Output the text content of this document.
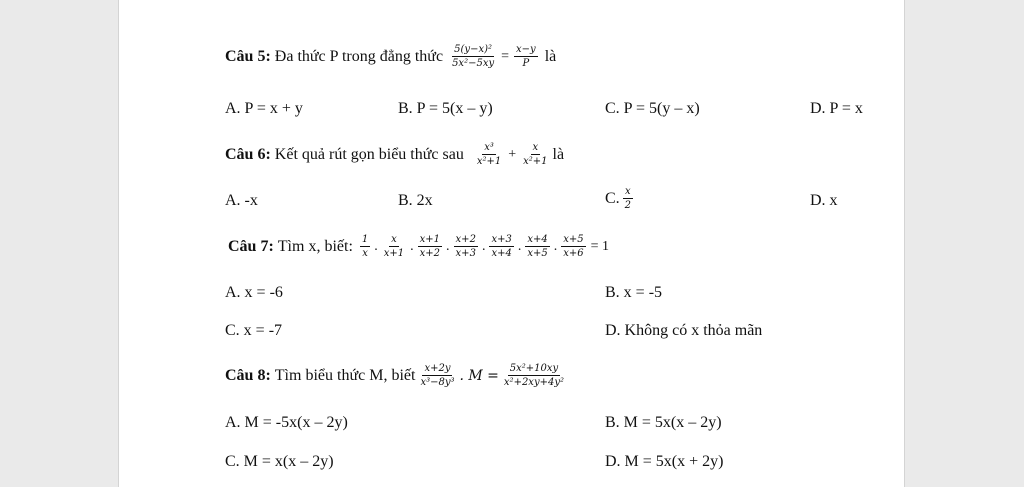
Câu 5:
Đa thức P trong đẳng thức
$\frac{\text{5(y−x)²}}{\text{5x²−5xy}} = \frac{x-y}{P}$
là
A. P = x + y	B. P = 5(x – y)	C. P = 5(y – x)	D. P = x
Câu 6:
Kết quả rút gọn biểu thức sau
$\frac{\text{x³}}{\text{x²+1}} + \frac{x}{\text{x²+1}}$ là
A. -x	B. 2x	C. $\frac{x}{2}$	D. x
Câu 7:
Tìm x, biết:
$\frac{1}{x}$ . $\frac{x}{x+1}$ . $\frac{x+1}{x+2}$ . $\frac{x+2}{x+3}$ . $\frac{x+3}{x+4}$ . $\frac{x+4}{x+5}$ . $\frac{x+5}{x+6} = 1$
A. x = -6	B. x = -5
C. x = -7	D. Không có x thỏa mãn
Câu 8:
Tìm biểu thức M, biết $\frac{x+2y}{\text{x³−8y³}}$ . $M = \frac{\text{5x²+10xy}}{\text{x²+2xy+4y²}}$
A. M = -5x(x – 2y)	B. M = 5x(x – 2y)
C. M = x(x – 2y)	D. M = 5x(x + 2y)
